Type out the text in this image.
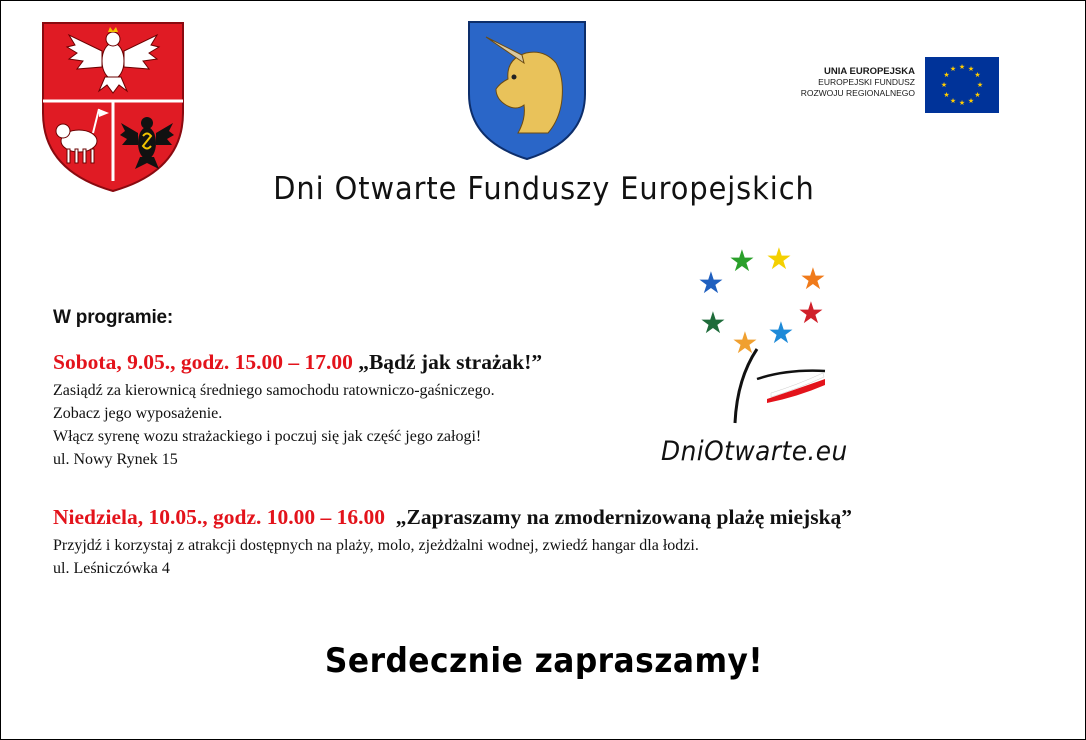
UNIA EUROPEJSKA
EUROPEJSKI FUNDUSZ
ROZWOJU REGIONALNEGO
★ ★
★
★
★
★
★
★
★
★
★
★
Dni Otwarte Funduszy Europejskich
★ ★
★	★
★
★ ★
★
DniOtwarte.eu
W programie:
Sobota, 9.05., godz. 15.00 – 17.00 „Bądź jak strażak!”
Zasiądź za kierownicą średniego samochodu ratowniczo-gaśniczego.
Zobacz jego wyposażenie.
Włącz syrenę wozu strażackiego i poczuj się jak część jego załogi!
ul. Nowy Rynek 15
Niedziela, 10.05., godz. 10.00 – 16.00 „Zapraszamy na zmodernizowaną plażę miejską”
Przyjdź i korzystaj z atrakcji dostępnych na plaży, molo, zjeżdżalni wodnej, zwiedź hangar dla łodzi.
ul. Leśniczówka 4
Serdecznie zapraszamy!
